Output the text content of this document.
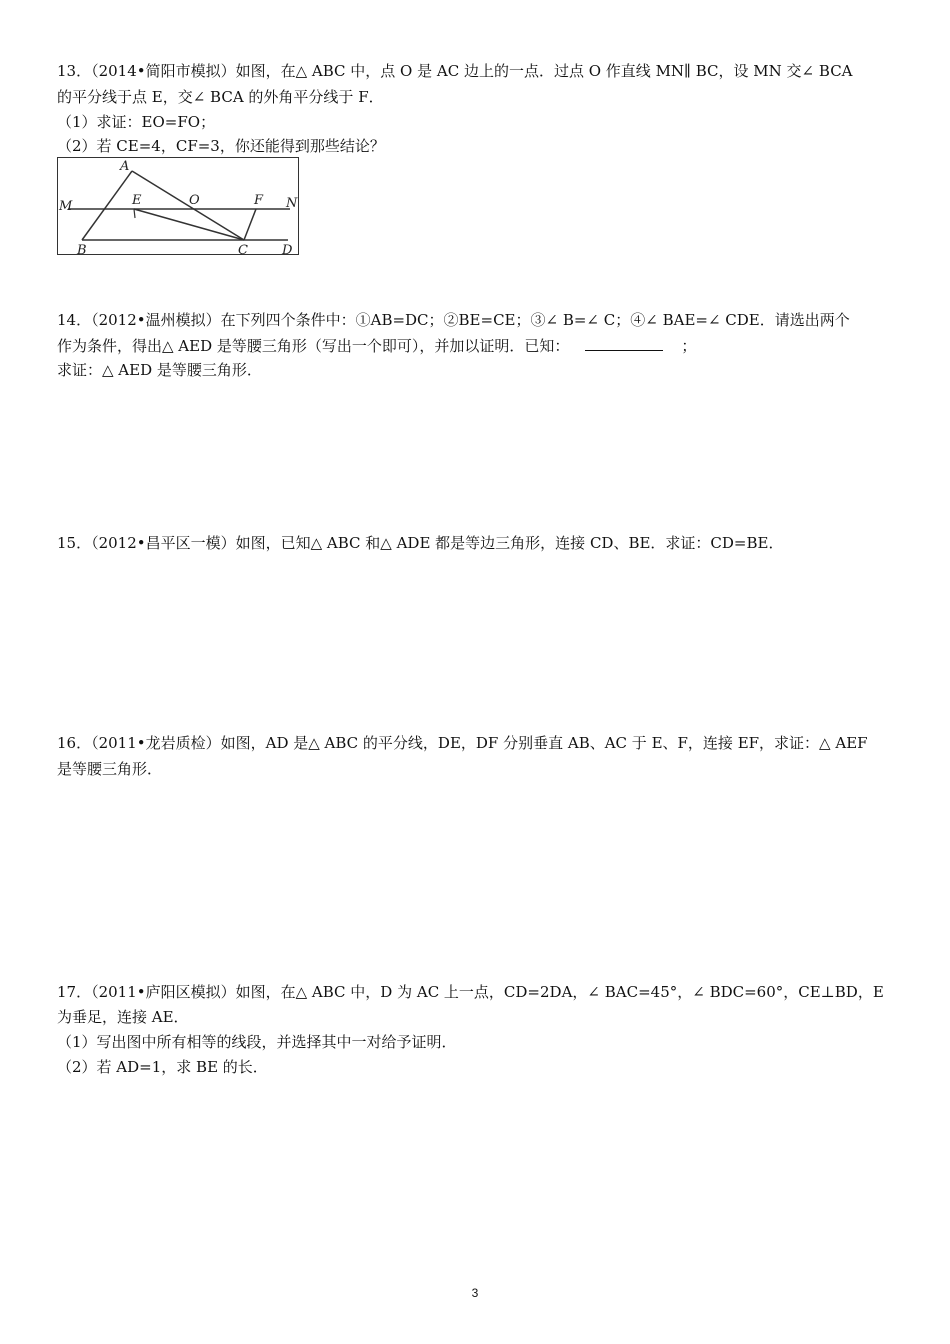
13．（2014•简阳市模拟）如图，在△ ABC 中，点 O 是 AC 边上的一点．过点 O 作直线 MN∥ BC，设 MN 交∠ BCA
的平分线于点 E，交∠ BCA 的外角平分线于 F．
（1）求证：EO=FO；
（2）若 CE=4，CF=3，你还能得到那些结论？
A
M	E	O	F N
B	C	D
14．（2012•温州模拟）在下列四个条件中：①AB=DC；②BE=CE；③∠ B=∠ C；④∠ BAE=∠ CDE．请选出两个
作为条件，得出△ AED 是等腰三角形（写出一个即可），并加以证明．已知：	；
求证：△ AED 是等腰三角形．
15．（2012•昌平区一模）如图，已知△ ABC 和△ ADE 都是等边三角形，连接 CD、BE．求证：CD=BE．
16．（2011•龙岩质检）如图，AD 是△ ABC 的平分线，DE，DF 分别垂直 AB、AC 于 E、F，连接 EF，求证：△ AEF
是等腰三角形．
17．（2011•庐阳区模拟）如图，在△ ABC 中，D 为 AC 上一点，CD=2DA，∠ BAC=45°，∠ BDC=60°，CE⊥BD，E
为垂足，连接 AE．
（1）写出图中所有相等的线段，并选择其中一对给予证明．
（2）若 AD=1，求 BE 的长．
3
